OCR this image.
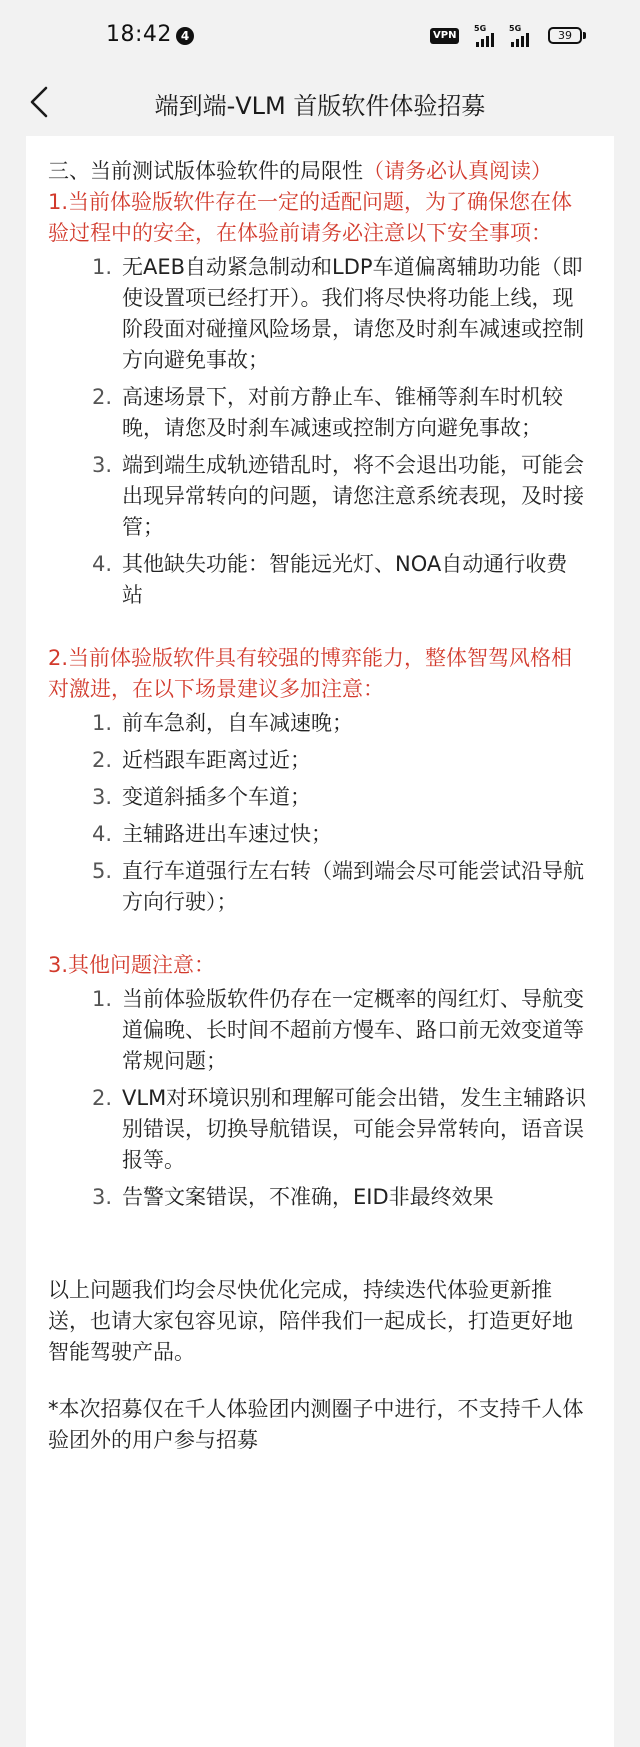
18:42 4	VPN
5G	5G
39
端到端-VLM 首版软件体验招募

三、当前测试版体验软件的局限性（请务必认真阅读）

1.当前体验版软件存在一定的适配问题，为了确保您在体验过程中的安全，在体验前请务必注意以下安全事项：

1. 无AEB自动紧急制动和LDP车道偏离辅助功能（即使设置项已经打开）。我们将尽快将功能上线，现阶段面对碰撞风险场景，请您及时刹车减速或控制方向避免事故；
2. 高速场景下，对前方静止车、锥桶等刹车时机较晚，请您及时刹车减速或控制方向避免事故；
3. 端到端生成轨迹错乱时，将不会退出功能，可能会出现异常转向的问题，请您注意系统表现，及时接管；
4. 其他缺失功能：智能远光灯、NOA自动通行收费站

2.当前体验版软件具有较强的博弈能力，整体智驾风格相对激进，在以下场景建议多加注意：

1. 前车急刹，自车减速晚；
2. 近档跟车距离过近；
3. 变道斜插多个车道；
4. 主辅路进出车速过快；
5. 直行车道强行左右转（端到端会尽可能尝试沿导航方向行驶）；

3.其他问题注意：

1. 当前体验版软件仍存在一定概率的闯红灯、导航变道偏晚、长时间不超前方慢车、路口前无效变道等常规问题；
2. VLM对环境识别和理解可能会出错，发生主辅路识别错误，切换导航错误，可能会异常转向，语音误报等。
3. 告警文案错误，不准确，EID非最终效果

以上问题我们均会尽快优化完成，持续迭代体验更新推送，也请大家包容见谅，陪伴我们一起成长，打造更好地智能驾驶产品。

*本次招募仅在千人体验团内测圈子中进行，不支持千人体验团外的用户参与招募
